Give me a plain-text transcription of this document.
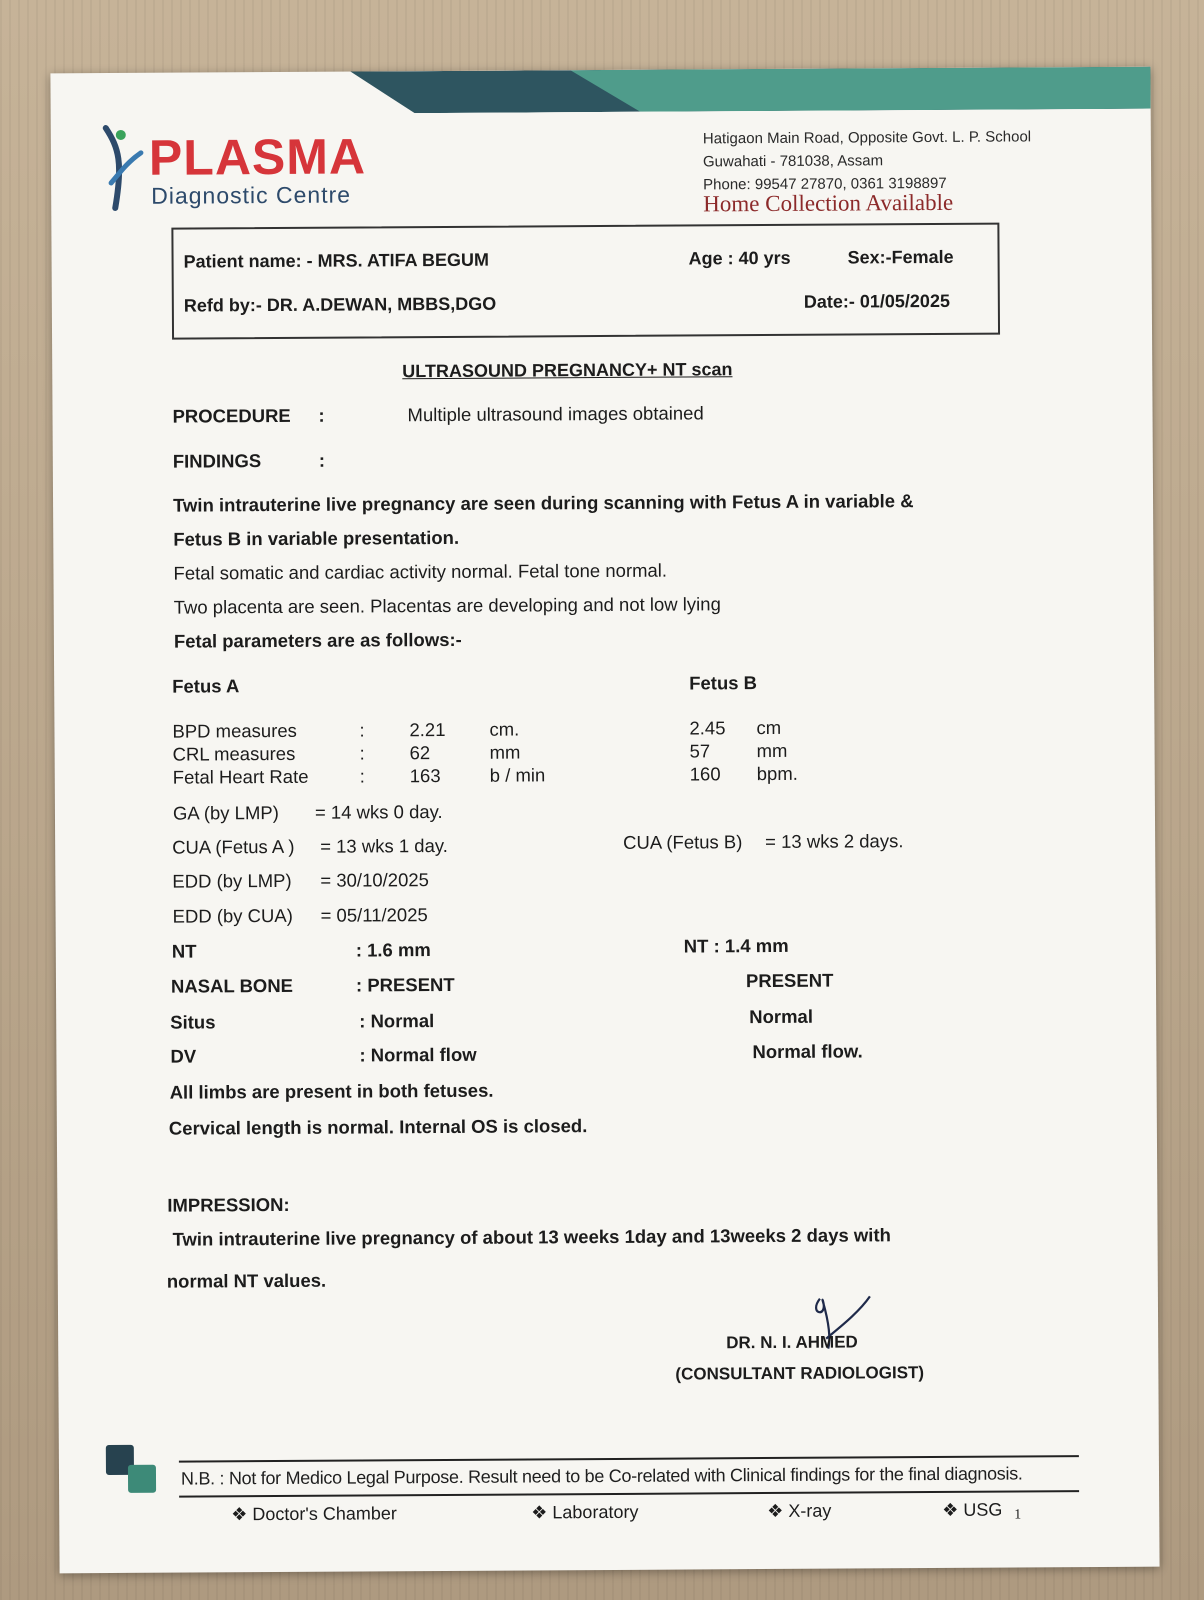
PLASMA
Diagnostic Centre
Hatigaon Main Road, Opposite Govt. L. P. School
Guwahati - 781038, Assam
Phone: 99547 27870, 0361 3198897
Home Collection Available
Patient name: - MRS. ATIFA BEGUM	Age : 40 yrs	Sex:-Female
Refd by:- DR. A.DEWAN, MBBS,DGO	Date:- 01/05/2025
ULTRASOUND PREGNANCY+ NT scan
PROCEDURE :	Multiple ultrasound images obtained
FINDINGS	:
Twin intrauterine live pregnancy are seen during scanning with Fetus A in variable &
Fetus B in variable presentation.
Fetal somatic and cardiac activity normal. Fetal tone normal.
Two placenta are seen. Placentas are developing and not low lying
Fetal parameters are as follows:-
Fetus A	Fetus B
BPD measures	: 2.21 cm.	2.45 cm
CRL measures	: 62	mm	57	mm
Fetal Heart Rate	: 163	b / min	160 bpm.
GA (by LMP) = 14 wks 0 day.
CUA (Fetus A ) = 13 wks 1 day.	CUA (Fetus B) = 13 wks 2 days.
EDD (by LMP) = 30/10/2025
EDD (by CUA) = 05/11/2025
NT	: 1.6 mm	NT : 1.4 mm
NASAL BONE	: PRESENT	PRESENT
Situs	: Normal	Normal
DV	: Normal flow	Normal flow.
All limbs are present in both fetuses.
Cervical length is normal. Internal OS is closed.
IMPRESSION:
Twin intrauterine live pregnancy of about 13 weeks 1day and 13weeks 2 days with
normal NT values.
DR. N. I. AHMED
(CONSULTANT RADIOLOGIST)
N.B. : Not for Medico Legal Purpose. Result need to be Co-related with Clinical findings for the final diagnosis.
❖ Doctor's Chamber	❖ Laboratory	❖ X-ray	❖ USG 1
